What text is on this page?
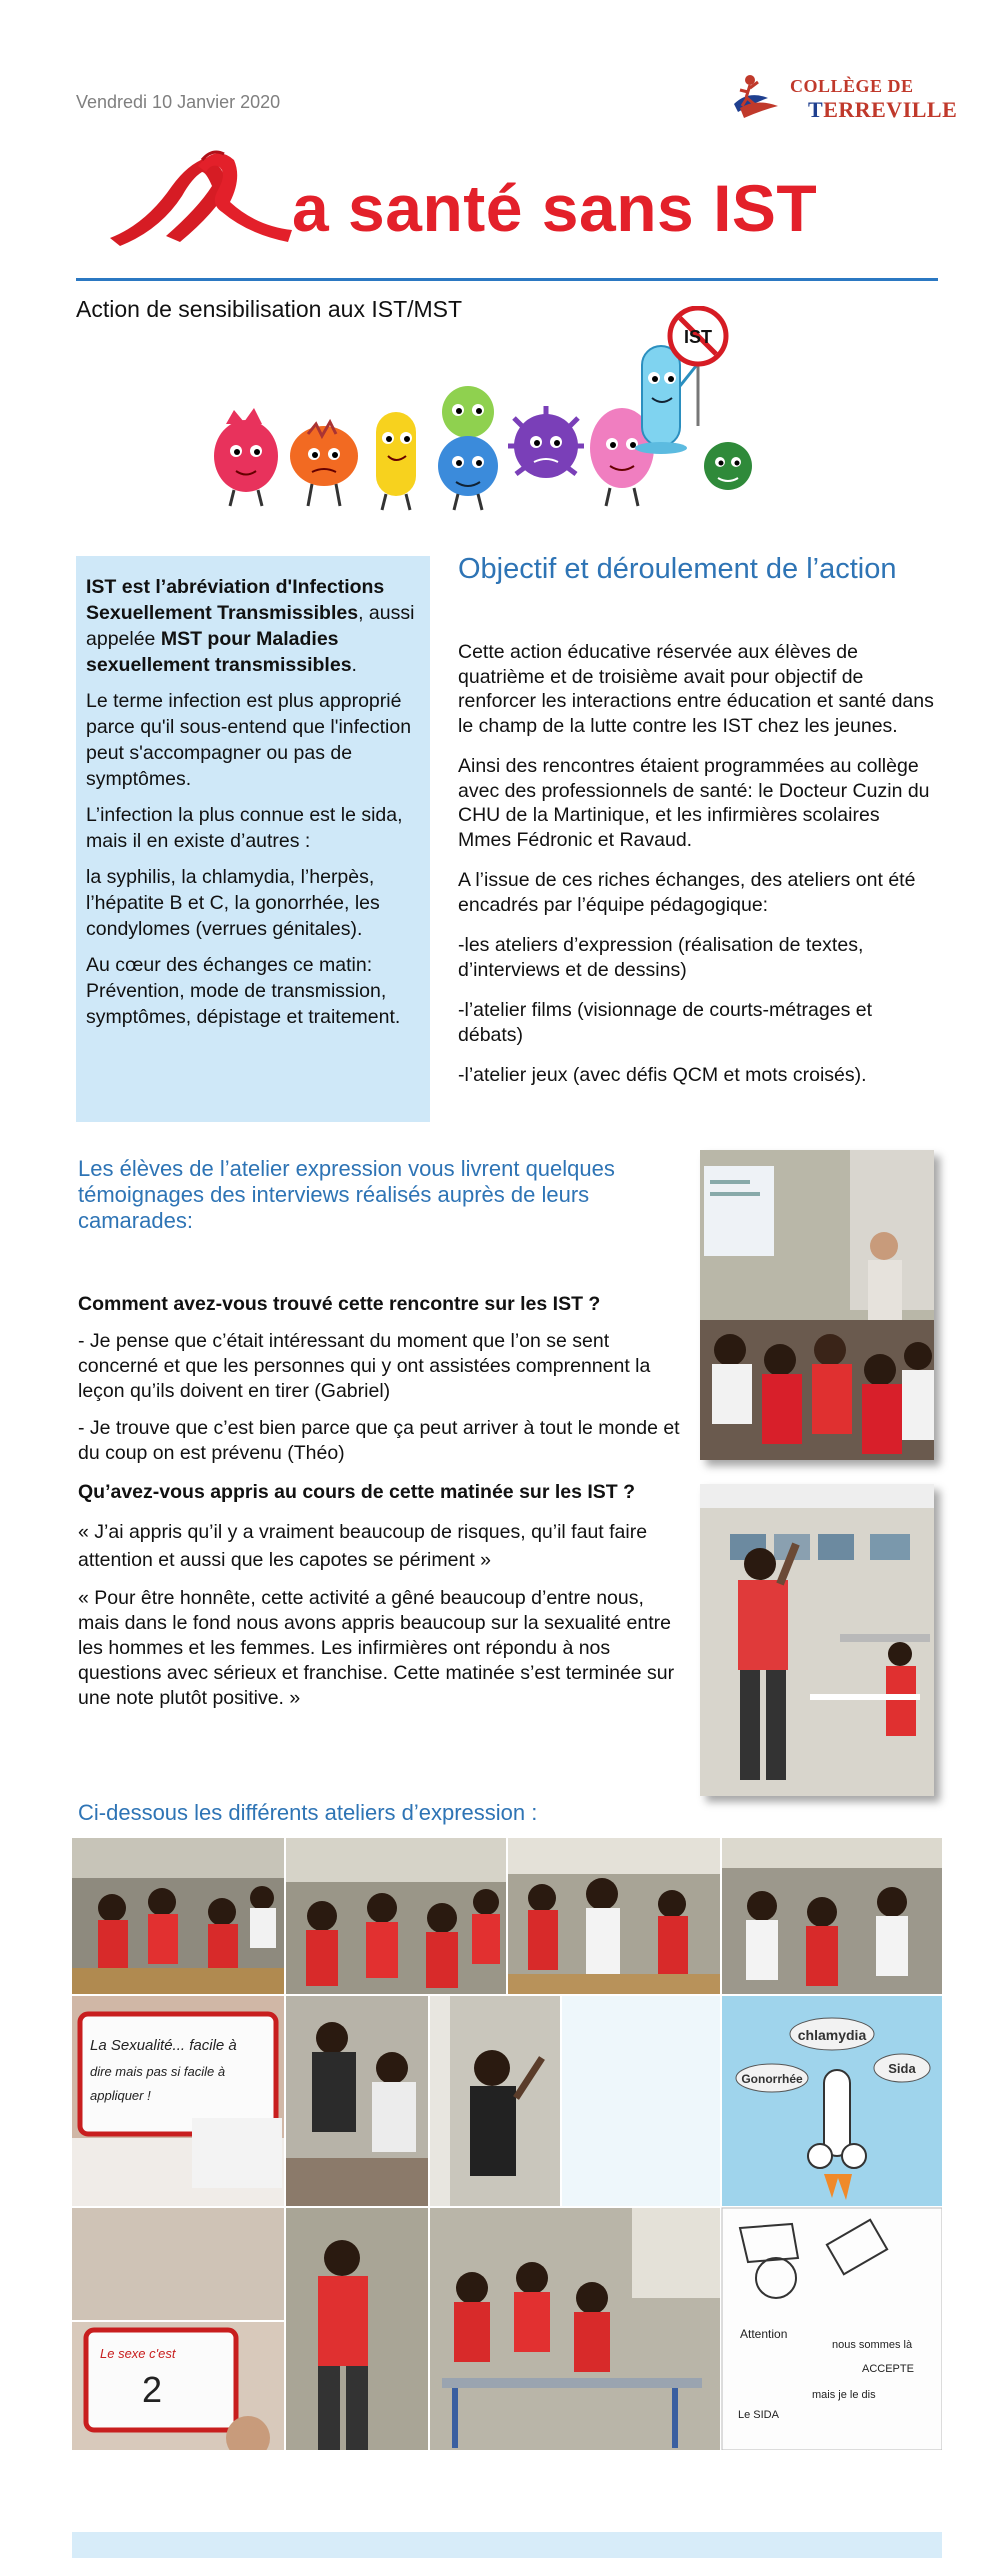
Vendredi 10 Janvier 2020
COLLÈGE DE
TERREVILLE
a santé sans IST
Action de sensibilisation aux IST/MST
IST

IST est l’abréviation d'Infections Sexuellement Transmissibles, aussi appelée MST pour Maladies sexuellement transmissibles.

Le terme infection est plus approprié parce qu'il sous-entend que l'infection peut s'accompagner ou pas de symptômes.

L’infection la plus connue est le sida, mais il en existe d’autres :

la syphilis, la chlamydia, l’herpès, l’hépatite B et C, la gonorrhée, les condylomes (verrues génitales).

Au cœur des échanges ce matin: Prévention, mode de transmission, symptômes, dépistage et traitement.

Objectif et déroulement de l’action

Cette action éducative réservée aux élèves de quatrième et de troisième avait pour objectif de renforcer les interactions entre éducation et santé dans le champ de la lutte contre les IST chez les jeunes.

Ainsi des rencontres étaient programmées au collège avec des professionnels de santé: le Docteur Cuzin du CHU de la Martinique, et les infirmières scolaires Mmes Fédronic et Ravaud.

A l’issue de ces riches échanges, des ateliers ont été encadrés par l’équipe pédagogique:

-les ateliers d’expression (réalisation de textes, d’interviews et de dessins)

-l’atelier films (visionnage de courts-métrages et débats)

-l’atelier jeux (avec défis QCM et mots croisés).

Les élèves de l’atelier expression vous livrent quelques témoignages des interviews réalisés auprès de leurs camarades:

Comment avez-vous trouvé cette rencontre sur les IST ?

- Je pense que c’était intéressant du moment que l’on se sent concerné et que les personnes qui y ont assistées comprennent la leçon qu’ils doivent en tirer (Gabriel)

- Je trouve que c’est bien parce que ça peut arriver à tout le monde et du coup on est prévenu (Théo)

Qu’avez-vous appris au cours de cette matinée sur les IST ?

« J’ai appris qu’il y a vraiment beaucoup de risques, qu’il faut faire attention et aussi que les capotes se périment »

« Pour être honnête, cette activité a gêné beaucoup d’entre nous, mais dans le fond nous avons appris beaucoup sur la sexualité entre les hommes et les femmes. Les infirmières ont répondu à nos questions avec sérieux et franchise. Cette matinée s’est terminée sur une note plutôt positive. »

Ci-dessous les différents ateliers d’expression :
La Sexualité... facile à
dire mais pas si facile à
appliquer !
chlamydia
Gonorrhée
Sida
Attention
Le SIDA
nous sommes là
ACCEPTE
mais je le dis
Le sexe c'est
2
